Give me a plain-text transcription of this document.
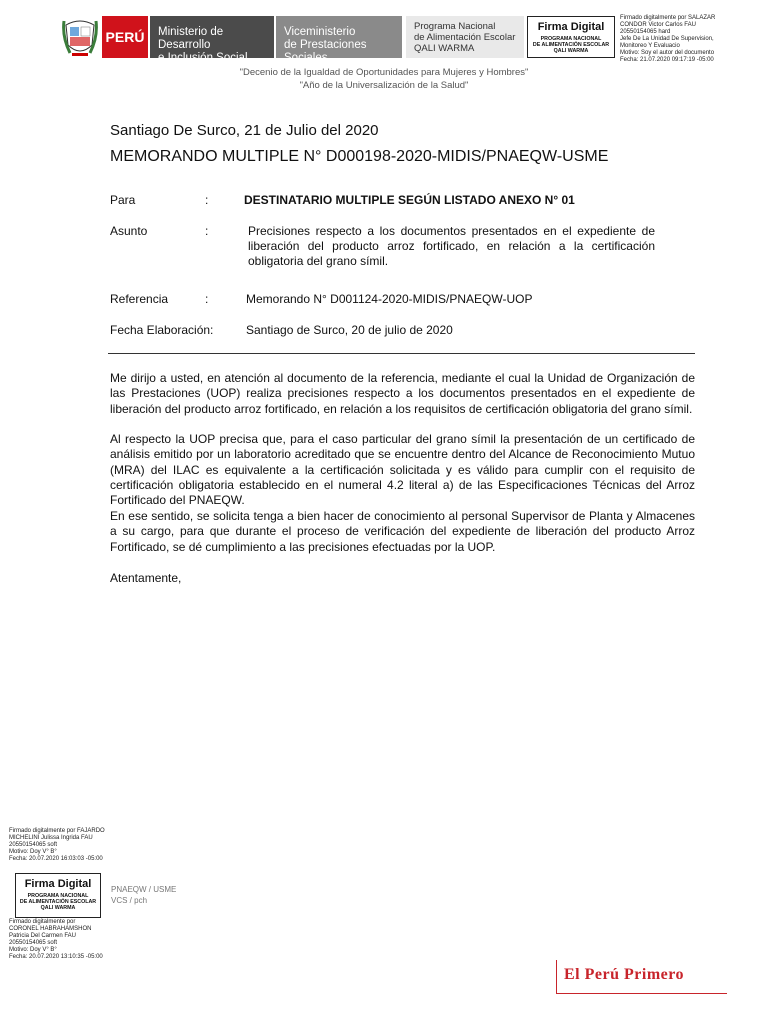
PERÚ Ministerio de Desarrollo
e Inclusión Social
Viceministerio
de Prestaciones Sociales
Programa Nacional
de Alimentación Escolar
QALI WARMA
Firma Digital
PROGRAMA NACIONAL
DE ALIMENTACIÓN ESCOLAR
QALI WARMA
Firmado digitalmente por SALAZAR
CONDOR Victor Carlos FAU
20550154065 hard
Jefe De La Unidad De Supervision,
Monitoreo Y Evaluacio
Motivo: Soy el autor del documento
Fecha: 21.07.2020 09:17:19 -05:00
"Decenio de la Igualdad de Oportunidades para Mujeres y Hombres"
"Año de la Universalización de la Salud"
Santiago De Surco, 21 de Julio del 2020
MEMORANDO MULTIPLE N° D000198-2020-MIDIS/PNAEQW-USME
Para	:	DESTINATARIO MULTIPLE SEGÚN LISTADO ANEXO N° 01
Asunto	:	Precisiones respecto a los documentos presentados en el expediente de liberación del producto arroz fortificado, en relación a la certificación obligatoria del grano símil.
Referencia	:	Memorando N° D001124-2020-MIDIS/PNAEQW-UOP
Fecha Elaboración:	Santiago de Surco, 20 de julio de 2020
Me dirijo a usted, en atención al documento de la referencia, mediante el cual la Unidad de Organización de las Prestaciones (UOP) realiza precisiones respecto a los documentos presentados en el expediente de liberación del producto arroz fortificado, en relación a los requisitos de certificación obligatoria del grano símil.
Al respecto la UOP precisa que, para el caso particular del grano símil la presentación de un certificado de análisis emitido por un laboratorio acreditado que se encuentre dentro del Alcance de Reconocimiento Mutuo (MRA) del ILAC es equivalente a la certificación solicitada y es válido para cumplir con el requisito de certificación obligatoria establecido en el numeral 4.2 literal a) de las Especificaciones Técnicas del Arroz Fortificado del PNAEQW.
En ese sentido, se solicita tenga a bien hacer de conocimiento al personal Supervisor de Planta y Almacenes a su cargo, para que durante el proceso de verificación del expediente de liberación del producto Arroz Fortificado, se dé cumplimiento a las precisiones efectuadas por la UOP.
Atentamente,
Firmado digitalmente por FAJARDO
MICHELINI Julissa Ingrida FAU
20550154065 soft
Motivo: Doy V° B°
Fecha: 20.07.2020 16:03:03 -05:00
Firma Digital
PROGRAMA NACIONAL
DE ALIMENTACIÓN ESCOLAR
QALI WARMA
PNAEQW / USME
VCS / pch
Firmado digitalmente por
CORONEL HABRAHAMSHON
Patricia Del Carmen FAU
20550154065 soft
Motivo: Doy V° B°
Fecha: 20.07.2020 13:10:35 -05:00
El Perú Primero
